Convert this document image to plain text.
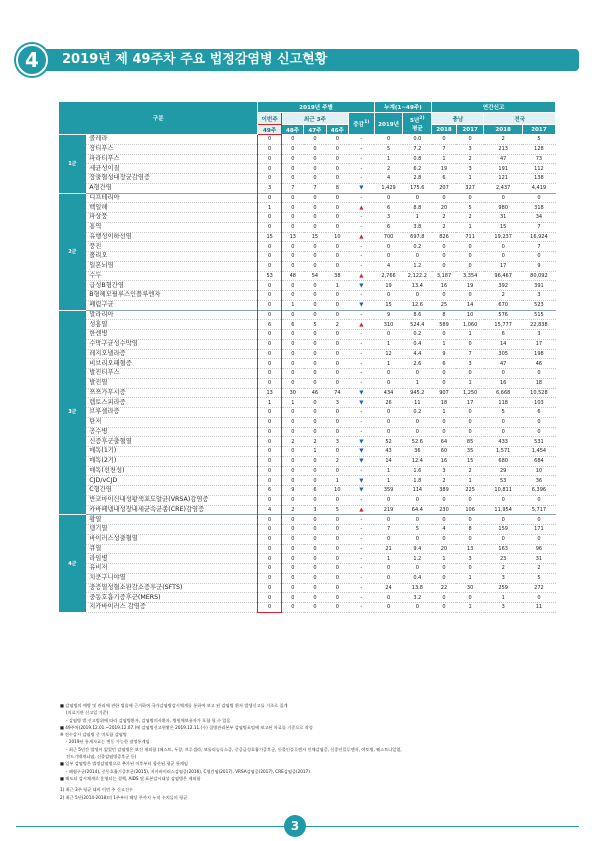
4	2019년 제 49주차 주요 법정감염병 신고현황
구분		2019년 주별					누계(1~49주)		연간신고			
		이번주	최근 3주			증감$^{1)}$	2019년	5년$^{2)}$
평균	충남		전국	
		49주	48주	47주	46주				2018	2017	2018	2017
1군	콜레라	0	0	0	0	-	0	0.0	0	0	2	5
	장티푸스	0	0	0	0	-	5	7.2	7	3	213	128
	파라티푸스	0	0	0	0	-	1	0.8	1	2	47	73
	세균성이질	0	0	0	0	-	2	6.2	19	3	191	112
	장출혈성대장균감염증	0	0	0	0	-	4	2.8	6	1	121	138
	A형간염	3	7	7	8	▼	1,429	175.6	207	327	2,437	4,419
2군	디프테리아	0	0	0	0	-	0	0	0	0	0	0
	백일해	1	0	0	0	▲	6	8.8	20	5	980	318
	파상풍	0	0	0	0	-	3	1	2	2	31	34
	홍역	0	0	0	0	-	6	3.8	2	1	15	7
	유행성이하선염	15	13	15	10	▲	700	697.8	826	711	19,237	16,924
	풍진	0	0	0	0	-	0	0.2	0	0	0	7
	폴리오	0	0	0	0	-	0	0	0	0	0	0
	일본뇌염	0	0	0	0	-	4	1.2	0	0	17	9
	수두	53	48	54	38	▲	2,766	2,122.2	3,187	3,354	96,467	80,092
	급성B형간염	0	0	0	1	▼	19	13.4	16	19	392	391
	B형헤모필루스인플루엔자	0	0	0	0	-	0	0	0	0	2	3
	폐렴구균	0	1	0	0	▼	15	12.6	25	14	670	523
3군	말라리아	0	0	0	0	-	9	8.6	8	10	576	515
	성홍열	6	6	5	2	▲	310	524.4	589	1,060	15,777	22,838
	한센병	0	0	0	0	-	0	0.2	0	1	6	3
	수막구균성수막염	0	0	0	0	-	1	0.4	1	0	14	17
	레지오넬라증	0	0	0	0	-	12	4.4	9	7	305	198
	비브리오패혈증	0	0	0	0	-	1	2.6	6	3	47	46
	발진티푸스	0	0	0	0	-	0	0	0	0	0	0
	발진열	0	0	0	0	-	0	1	0	1	16	18
	쯔쯔가무시증	13	30	46	74	▼	434	945.2	907	1,250	6,668	10,528
	렙토스피라증	1	1	0	3	▼	26	11	18	17	118	103
	브루셀라증	0	0	0	0	-	0	0.2	1	0	5	6
	탄저	0	0	0	0	-	0	0	0	0	0	0
	공수병	0	0	0	0	-	0	0	0	0	0	0
	신증후군출혈열	0	2	2	3	▼	52	52.6	64	85	433	531
	매독(1기)	0	0	1	0	▼	43	36	60	35	1,571	1,454
	매독(2기)	0	0	0	2	▼	14	12.4	16	15	680	684
	매독(선천성)	0	0	0	0	-	1	1.6	3	2	29	10
	CJD/vCJD	0	0	0	1	▼	1	1.8	2	1	53	36
	C형간염	6	9	6	10	▼	359	114	389	225	10,811	6,396
	반코마이신내성황색포도알균(VRSA)감염증	0	0	0	0	-	0	0	0	0	0	0
	카바페넴내성장내세균속균종(CRE)감염증	4	2	3	5	▲	219	64.4	230	106	11,954	5,717
4군	황열	0	0	0	0	-	0	0	0	0	0	0
	뎅기열	0	0	0	0	-	7	5	4	8	159	171
	바이러스성출혈열	0	0	0	0	-	0	0	0	0	0	0
	큐열	0	0	0	0	-	21	9.4	20	13	163	96
	라임병	0	0	0	0	-	1	1.2	1	3	23	31
	유비저	0	0	0	0	-	0	0	0	0	2	2
	치쿤구니야열	0	0	0	0	-	0	0.4	0	1	3	5
	중증열성혈소판감소증후군(SFTS)	0	0	0	0	-	24	13.8	22	30	259	272
	중동호흡기증후군(MERS)	0	0	0	0	-	0	3.2	0	0	1	0
	지카바이러스 감염증	0	0	0	0	-	0	0	0	1	3	11

■ 감염병의 예방 및 관리에 관한 법률에 근거하여 국가감염병감시체계를 통하여 보고 된 감염병 환자 발생신고를 기초로 집계

(의료기관 신고일 기준)

- 감염병 별 신고범위에 따라 감염병환자, 감염병의사환자, 병원체보유자가 포함 될 수 있음

■ 49주차(2019.12.01.~2019.12.07.)에 감염병신고현황은 2019.12.11.(수) 질병관리본부 감염병포털에 보고된 자료를 기준으로 작성

※ 전수감시 감염병 중 미포함 감염병

- 2019년 통계자료는 변동 가능한 잠정통계임

- 최근 5년간 발생이 없었던 감염병은 보건 제외함 (페스트, 두창, 브루셀라, 보툴리눔독소증, 중증급성호흡기증후군, 동물인플루엔자 인체감염증, 신종인플루엔자, 야토병, 웨스트나일열,

진드기매개뇌염, 신종감염병증후군 등)

■ 일부 감염병은 법정감염병으로 추가된 이후부터 합산된 평균 통계임

- 폐렴구균(2014), 중동호흡기증후군(2015), 지카바이러스감염증(2016), C형간염(2017), VRSA감염증(2017), CRE감염증(2017)

■ 해도되 감시체계로 운영되는 결핵, AIDS 및 표본감시대상 감염병은 제외함

1) 최근 3주 평균 대비 이번 주 신고건수

2) 최근 5년(2014-2018)의 1주부터 해당 주까지 누적 수치들의 평균

3
